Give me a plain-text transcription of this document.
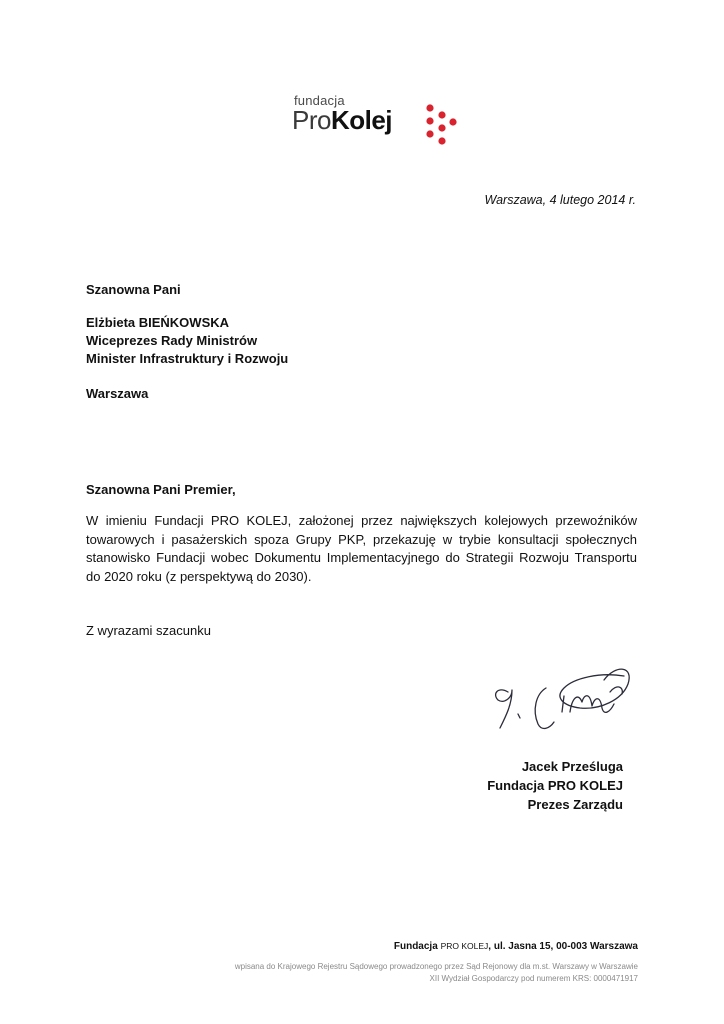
fundacja
ProKolej
Warszawa, 4 lutego 2014 r.
Szanowna Pani
Elżbieta BIEŃKOWSKA
Wiceprezes Rady Ministrów
Minister Infrastruktury i Rozwoju
Warszawa
Szanowna Pani Premier,
W imieniu Fundacji PRO KOLEJ, założonej przez największych kolejowych przewoźników towarowych i pasażerskich spoza Grupy PKP, przekazuję w trybie konsultacji społecznych stanowisko Fundacji wobec Dokumentu Implementacyjnego do Strategii Rozwoju Transportu do 2020 roku (z perspektywą do 2030).
Z wyrazami szacunku
Jacek Prześluga
Fundacja PRO KOLEJ
Prezes Zarządu
Fundacja PRO KOLEJ, ul. Jasna 15, 00-003 Warszawa
wpisana do Krajowego Rejestru Sądowego prowadzonego przez Sąd Rejonowy dla m.st. Warszawy w Warszawie
XII Wydział Gospodarczy pod numerem KRS: 0000471917
